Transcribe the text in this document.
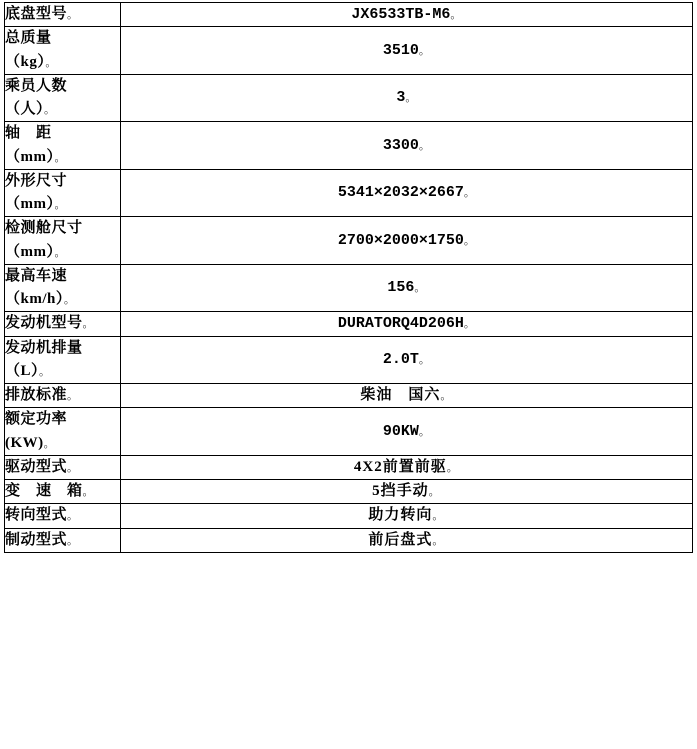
底盘型号。	JX6533TB-M6。

总质量
（kg）。	3510。

乘员人数
（人）。	3。

轴　距
（mm）。	3300。

外形尺寸
（mm）。	5341×2032×2667。

检测舱尺寸
（mm）。	2700×2000×1750。

最高车速
（km/h）。	156。

发动机型号。	DURATORQ4D206H。

发动机排量
（L）。	2.0T。

排放标准。	柴油　国六。

额定功率
(KW)。	90KW。

驱动型式。	4X2前置前驱。

变　速　箱。	5挡手动。

转向型式。	助力转向。

制动型式。	前后盘式。
